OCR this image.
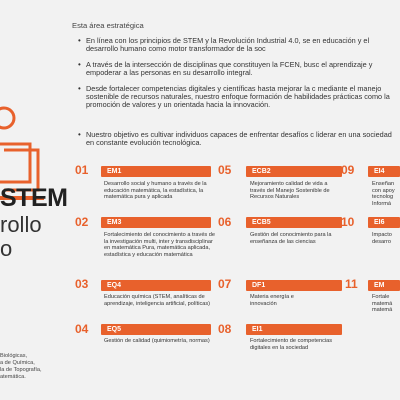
STEM
rollo
o
Biológicas,
a de Química,
la de Topografía,
atemática.
Esta área estratégica
• En línea con los principios de STEM y la Revolución Industrial 4.0, se en educación y el desarrollo humano como motor transformador de la soc
• A través de la intersección de disciplinas que constituyen la FCEN, busc el aprendizaje y empoderar a las personas en su desarrollo integral.
• Desde fortalecer competencias digitales y científicas hasta mejorar la c mediante el manejo sostenible de recursos naturales, nuestro enfoque formación de habilidades prácticas como la promoción de valores y un orientada hacia la innovación.
• Nuestro objetivo es cultivar individuos capaces de enfrentar desafíos c liderar en una sociedad en constante evolución tecnológica.
01	EM1
Desarrollo social y humano a través de la educación matemática, la estadística, la matemática pura y aplicada
02	EM3
Fortalecimiento del conocimiento a través de la investigación multi, inter y transdisciplinar en matemática Pura, matemática aplicada, estadística y educación matemática
03	EQ4
Educación química (STEM, analíticas de aprendizaje, inteligencia artificial, políticas)
04	EQ5
Gestión de calidad (quimiometría, normas)
05	ECB2
Mejoramiento calidad de vida a través del Manejo Sostenible de Recursos Naturales
06	ECB5
Gestión del conocimiento para la enseñanza de las ciencias
07	DF1
Materia energía e innovación
08	EI1
Fortalecimiento de competencias digitales en la sociedad
09	EI4
Enseñan con apoy tecnolog Informá
10	EI6
Impacto desarro
11	EM
Fortale matemá matemá
